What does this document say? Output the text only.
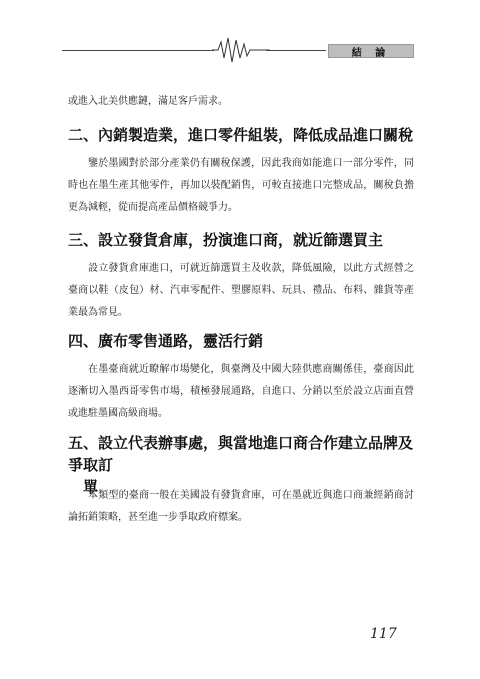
結 論
或進入北美供應鏈，滿足客戶需求。
二、內銷製造業，進口零件組裝，降低成品進口關稅
鑒於墨國對於部分產業仍有關稅保護，因此我商如能進口一部分零件，同時也在墨生產其他零件，再加以裝配銷售，可較直接進口完整成品，關稅負擔更為減輕，從而提高產品價格競爭力。
三、設立發貨倉庫，扮演進口商，就近篩選買主
設立發貨倉庫進口，可就近篩選買主及收款，降低風險，以此方式經營之臺商以鞋（皮包）材、汽車零配件、塑膠原料、玩具、禮品、布料、雜貨等產業最為常見。
四、廣布零售通路，靈活行銷
在墨臺商就近瞭解市場變化，與臺灣及中國大陸供應商關係佳，臺商因此逐漸切入墨西哥零售市場，積極發展通路，自進口、分銷以至於設立店面直營或進駐墨國高級商場。
五、設立代表辦事處，與當地進口商合作建立品牌及爭取訂
單
本類型的臺商一般在美國設有發貨倉庫，可在墨就近與進口商兼經銷商討論拓銷策略，甚至進一步爭取政府標案。
117
